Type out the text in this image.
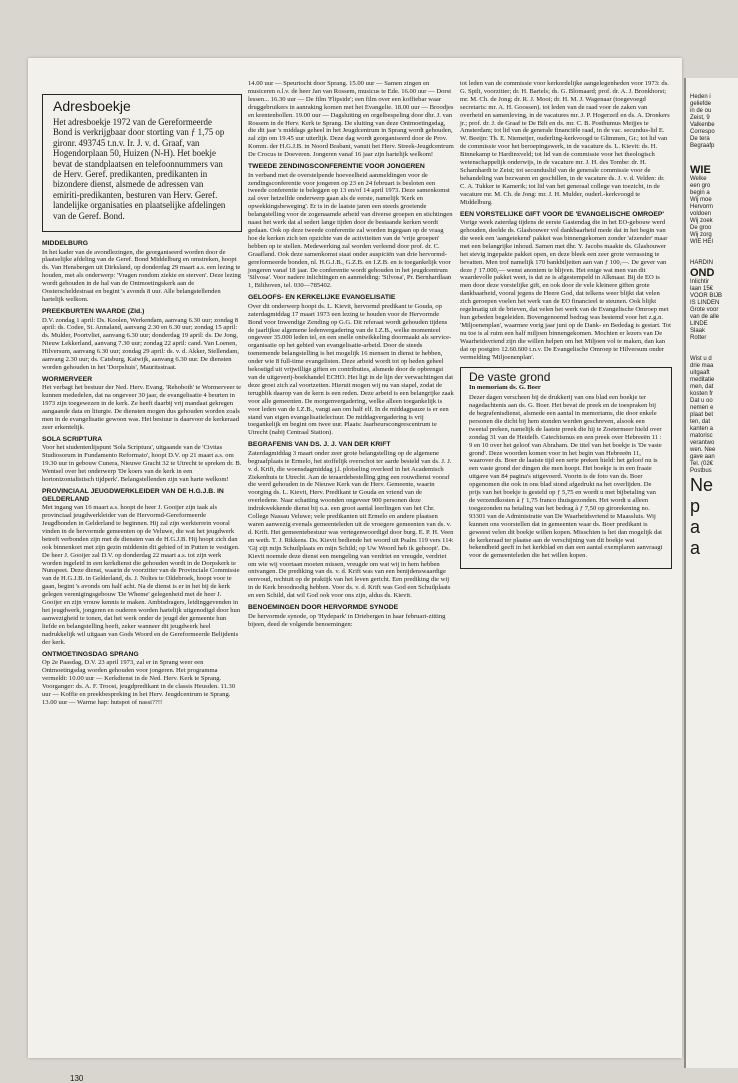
Adresboekje

Het adresboekje 1972 van de Gereformeerde Bond is verkrijgbaar door storting van ƒ 1,75 op gironr. 493745 t.n.v. Ir. J. v. d. Graaf, van Hogendorplaan 50, Huizen (N-H). Het boekje bevat de standplaatsen en telefoonnummers van de Herv. Geref. predikanten, predikanten in bizondere dienst, alsmede de adressen van emiriti-predikanten, besturen van Herv. Geref. landelijke organisaties en plaatselijke afdelingen van de Geref. Bond.

MIDDELBURG

In het kader van de avondlezingen, die georganiseerd worden door de plaatselijke afdeling van de Geref. Bond Middelburg en omstreken, hoopt ds. Van Hensbergen uit Dirksland, op donderdag 29 maart a.s. een lezing te houden, met als onderwerp: 'Vragen rondom ziekte en sterven'. Deze lezing wordt gehouden in de hal van de Ontmoetingskerk aan de Oosterscheldestraat en begint 's avonds 8 uur. Alle belangstellenden hartelijk welkom.

PREEKBURTEN WAARDE (Zld.)

D.V. zondag 1 april: Ds. Koolen, Werkendam, aanvang 6.30 uur; zondag 8 april: ds. Codee, St. Annaland, aanvang 2.30 en 6.30 uur; zondag 15 april: ds. Mulder, Poortvliet, aanvang 6.30 uur; donderdag 19 april: ds. De Jong, Nieuw Lekkerland, aanvang 7.30 uur; zondag 22 april: cand. Van Loenen, Hilversum, aanvang 6.30 uur; zondag 29 april: ds. v. d. Akker, Stellendam, aanvang 2.30 uur; ds. Catsburg, Katwijk, aanvang 6.30 uur. De diensten worden gehouden in het 'Dorpshuis', Mauritsstraat.

WORMERVEER

Het verbagt het bestuur der Ned. Herv. Evang. 'Rehoboth' te Wormerveer te kunnen mededelen, dat na ongeveer 30 jaar, de evangelisatie 4 beurten in 1973 zijn toegewezen in de kerk. Ze heeft daarbij vrij mandaat gekregen aangaande data en liturgie. De diensten mogen dus gehouden worden zoals men in de evangelisatie gewoon was. Het bestuur is daarvoor de kerkeraad zeer erkentelijk.

SOLA SCRIPTURA

Voor het studentenlijspunt 'Sola Scriptura', uitgaande van de 'Civitas Studiosorum in Fundamento Reformato', hoopt D.V. op 21 maart a.s. om 19.30 uur in gebouw Cunera, Nieuwe Gracht 32 te Utrecht te spreken dr. B. Wentsel over het onderwerp 'De koers van de kerk in een hortonizontalistisch tijdperk'. Belangstellenden zijn van harte welkom!

PROVINCIAAL JEUGDWERKLEIDER VAN DE H.G.J.B. IN GELDERLAND

Met ingang van 16 maart a.s. hoopt de heer J. Gooijer zijn taak als provinciaal jeugdwerkleider van de Hervormd-Gereformeerde Jeugdbonden in Gelderland te beginnen. Hij zal zijn werkterrein vooral vinden in de hervormde gemeenten op de Veluwe, die wat het jeugdwerk betreft verbonden zijn met de diensten van de H.G.J.B. Hij hoopt zich dan ook binnenkort met zijn gezin middenin dit gebied of in Putten te vestigen. De heer J. Gooijer zal D.V. op donderdag 22 maart a.s. tot zijn werk worden ingeleid in een kerkdienst die gehouden wordt in de Dorpskerk te Nunspeet. Deze dienst, waarin de voorzitter van de Provinciale Commissie van de H.G.J.B. in Gelderland, ds. J. Noltes te Oldebroek, hoopt voor te gaan, begint 's avonds om half acht. Na de dienst is er in het bij de kerk gelegen verenigingsgebouw 'De Wheme' gelegenheid met de heer J. Gooijer en zijn vrouw kennis te maken. Ambtsdragers, leidinggevenden in het jeugdwerk, jongeren en ouderen worden hartelijk uitgenodigd door hun aanwezigheid te tonen, dat het werk onder de jeugd der gemeente hun liefde en belangstelling heeft, zeker wanneer dit jeugdwerk heel nadrukkelijk wil uitgaan van Gods Woord en de Gereformeerde Belijdenis der kerk.

ONTMOETINGSDAG SPRANG

Op 2e Paasdag, D.V. 23 april 1973, zal er in Sprang weer een Ontmoetingsdag worden gehouden voor jongeren. Het programma vermeldt: 10.00 uur — Kerkdienst in de Ned. Herv. Kerk te Sprang. Voorganger: ds. A. F. Troost, jeugdpredikant in de classis Heusden. 11.30 uur — Koffie en preekbespreking in het Herv. Jeugdcentrum te Sprang. 13.00 uur — Warme hap: hutspot of nassi??!!

14.00 uur — Speurtocht door Sprang. 15.00 uur — Samen zingen en musiceren o.l.v. de heer Jan van Rossem, musicus te Ede. 16.00 uur — Dorst lessen... 16.30 uur — De film 'Flipside'; een film over een koffiebar waar druggebruikers in aanraking komen met het Evangelie. 18.00 uur — Broodjes en krentenbollen. 19.00 uur — Dagsluiting en orgelbespeling door dhr. J. van Rossem in de Herv. Kerk te Sprang. De sluiting van deze Ontmoetingsdag, die dit jaar 's middags geheel in het Jeugdcentrum in Sprang wordt gehouden, zal zijn om 19.45 uur uiterlijk. Deze dag wordt georganiseerd door de Prov. Komm. der H.G.J.B. in Noord Brabant, vanuit het Herv. Streek-Jeugdcentrum De Crocus te Doeveren. Jongeren vanaf 16 jaar zijn hartelijk welkom!

TWEEDE ZENDINGSCONFERENTIE VOOR JONGEREN

In verband met de overstelpende hoeveelheid aanmeldingen voor de zendingsconferentie voor jongeren op 23 en 24 februari is besloten een tweede conferentie te beleggen op 13 en/of 14 april 1973. Deze samenkomst zal over hetzelfde onderwerp gaan als de eerste, namelijk 'Kerk en opwekkingsbeweging'. Er is in de laatste jaren een steeds groeiende belangstelling voor de zogenaamde arbeid van diverse groepen en stichtingen naast het werk dat al sedert lange tijden door de bestaande kerken wordt gedaan. Ook op deze tweede conferentie zal worden ingegaan op de vraag hoe de kerken zich ten opzichte van de activiteiten van de 'vrije groepen' hebben op te stellen. Medewerking zal worden verleend door prof. dr. C. Graafland. Ook deze samenkomst staat onder auspiciën van drie hervormd-gereformeerde bonden, nl. H.G.J.B., G.Z.B. en I.Z.B. en is toegankelijk voor jongeren vanaf 18 jaar. De conferentie wordt gehouden in het jeugdcentrum 'Silvosa'. Voor nadere inlichtingen en aanmelding: 'Silvosa', Pr. Bernhardlaan 1, Bilthoven, tel. 030—785402.

GELOOFS- EN KERKELIJKE EVANGELISATIE

Over dit onderwerp hoopt ds. L. Kievit, hervormd predikant te Gouda, op zaterdagmiddag 17 maart 1973 een lezing te houden voor de Hervormde Bond voor Inwendige Zending op G.G. Dit referaat wordt gehouden tijdens de jaarlijkse algemene ledenvergadering van de I.Z.B., welke momenteel ongeveer 35.000 leden tel, en een snelle ontwikkeling doormaakt als service-organisatie op het gebied van evangelisatie-arbeid. Door de steeds toenemende belangstelling is het mogelijk 16 mensen in dienst te hebben, onder wie 8 full-time evangelisten. Deze arbeid wordt tot op heden geheel bekostigd uit vrijwillige giften en contributies, alsmede door de opbrengst van de uitgeverij-boekhandel ECHO. Het ligt in de lijn der verwachtingen dat deze groei zich zal voortzetten. Hieruit mogen wij nu van stapel, zodat de terugblik daarop van de kern is een reden. Deze arbeid is een belangrijke zaak voor alle gemeenten. De morgenvergadering, welke alleen toegankelijk is voor leden van de I.Z.B., vangt aan om half elf. In de middagpauze is er een stand van eigen evangelisatielectuur. De middagvergadering is vrij toegankelijk en begint om twee uur. Plaats: Jaarbeurscongrescentrum te Utrecht (nabij Centraal Station).

BEGRAFENIS VAN DS. J. J. VAN DER KRIFT

Zaterdagmiddag 3 maart onder zeer grote belangstelling op de algemene begraafplaats te Ermelo, het stoffelijk overschot ter aarde besteld van ds. J. J. v. d. Krift, die woensdagmiddag j.l. plotseling overleed in het Academisch Ziekenhuis te Utrecht. Aan de teraardebestelling ging een rouwdienst vooraf die werd gehouden in de Nieuwe Kerk van de Herv. Gemeente, waarin voorging ds. L. Kievit, Herv. Predikant te Gouda en vriend van de overledene. Naar schatting woonden ongeveer 900 personen deze indrukwekkende dienst bij o.a. een groot aantal leerlingen van het Chr. College Nassau Veluwe; vele predikanten uit Ermelo en andere plaatsen waren aanwezig evenals gemeenteleden uit de vroegere gemeenten van ds. v. d. Krift. Het gemeentebestuur was vertegenwoordigd door burg. E. P. H. Veen en weth. T. J. Rikkens. Ds. Kievit bediende het woord uit Psalm 119 vers 114: 'Gij zijt mijn Schuilplaats en mijn Schild; op Uw Woord heb ik gehoopt'. Ds. Kievit noemde deze dienst een mengeling van verdriet en vreugde, verdriet om wie wij voortaan moeten missen, vreugde om wat wij in hem hebben ontvangen. De prediking van ds. v. d. Krift was van een benijdenswaardige eenvoud, rechtuit op de praktijk van het leven gericht. Een prediking die wij in de Kerk broodnodig hebben. Voor ds. v. d. Krift was God een Schuilplaats en een Schild, dat wil God ook voor ons zijn, aldus ds. Kievit.

BENOEMINGEN DOOR HERVORMDE SYNODE

De hervormde synode, op 'Hydepark' in Driebergen in haar februari-zitting bijeen, deed de volgende benoemingen:

tot leden van de commissie voor kerkordelijke aangelegenheden voor 1973: ds. G. Spilt, voorzitter; dr. H. Bartels; ds. G. Blomaard; prof. dr. A. J. Bronkhorst; mr. M. Ch. de Jong; dr. R. J. Mooi; dr. H. M. J. Wagenaar (toegevoegd secretaris: mr. A. H. Goossen). tot leden van de raad voor de zaken van overheid en samenleving, in de vacatures mr. J. P. Hogerzeil en ds. A. Dronkers jr.; prof. dr. J. de Graaf te De Bilt en ds. mr. C. B. Posthumus Meijjes te Amsterdam; tot lid van de generale financiële raad, in de vac. secundus-lid E. W. Beeijn: Th. E. Niemeijer, ouderling-kerkvoogd te Glimmen, Gr.; tot lid van de commissie voor het beroepingswerk, in de vacature ds. L. Kievit: ds. H. Binnekamp te Hardinxveld; tot lid van de commissie voor het theologisch wetenschappelijk onderwijs, in de vacature mr. J. H. des Tombe: dr. H. Schamhardt te Zeist; tot secunduslid van de generale commissie voor de behandeling van bezwaren en geschillen, in de vacature ds. J. v. d. Velden: dr. C. A. Tukker te Kamerik; tot lid van het generaal college van toezicht, in de vacature mr. M. Ch. de Jong: mr. J. H. Mulder, ouderl.-kerkvoogd te Middelburg.

EEN VORSTELIJKE GIFT VOOR DE 'EVANGELISCHE OMROEP'

Vorige week zaterdag tijdens de eerste Gastendag die in het EO-gebouw werd gehouden, deelde ds. Glashouwer vol dankbaarheid mede dat in het begin van die week een 'aangetekend' pakket was binnengekomen zonder 'afzender' maar met een belangrijke inhoud. Samen met dhr. Y. Jacobs maakte ds. Glashouwer het stevig ingepakte pakket open, en deze bleek een zeer grote verrassing te bevatten. Men trof namelijk 170 bankbiljetten aan van ƒ 100,—. De gever van deze ƒ 17.000,— wenst anoniem te blijven. Het enige wat men van dit waardevolle pakket weet, is dat ze is afgestempeld in Alkmaar. Bij de EO is men door deze vorstelijke gift, en ook door de vele kleinere giften grote dankbaarheid, vooral jegens de Heere God, dat telkens weer blijkt dat velen zich geroepen voelen het werk van de EO financieel te steunen. Ook blijkt regelmatig uit de brieven, dat velen het werk van de Evangelische Omroep met hun gebeden begeleiden. Bovengenoemd bedrag was bestemd voor het z.g.n. 'Miljoenenplan', waarmee vorig jaar juni op de Dank- en Bededag is gestart. Tot nu toe is al ruim een half miljoen binnengekomen. Mochten er lezers van De Waarheidsvriend zijn die willen helpen om het Miljoen vol te maken, dan kan dat op postgiro 12.60.600 t.n.v. De Evangelische Omroep te Hilversum onder vermelding 'Miljoenenplan'.

De vaste grond

In memoriam ds. G. Boer

Dezer dagen verscheen bij de drukkerij van ons blad een boekje ter nagedachtenis aan ds. G. Boer. Het bevat de preek en de toespraken bij de begrafenisdienst, alsmede een aantal in memoriams, die door enkele personen die dicht bij hem stonden werden geschreven, alsook een tweetal preken, namelijk de laatste preek die hij te Zoetermeer hield over zondag 31 van de Heidelb. Catechismus en een preek over Hebreeën 11 : 9 en 10 over het geloof van Abraham. De titel van het boekje is 'De vaste grond'. Deze woorden komen voor in het begin van Hebreeën 11, waarover ds. Boer de laatste tijd een serie preken hield: het geloof nu is een vaste grond der dingen die men hoopt. Het boekje is in een fraaie uitgave van 84 pagina's uitgevoerd. Voorin is de foto van ds. Boer opgenomen die ook in ons blad stond afgedrukt na het overlijden. De prijs van het boekje is gesteld op ƒ 5,75 en wordt u met bijbetaling van de verzendkosten à ƒ 1,75 franco thuisgezonden. Het wordt u alleen toegezonden na betaling van het bedrag à ƒ 7,50 op girorekening no. 93301 van de Administratie van De Waarheidsvriend te Maassluis. Wij kunnen ons voorstellen dat in gemeenten waar ds. Boer predikant is geweest velen dit boekje willen kopen. Misschien is het dan mogelijk dat de kerkeraad ter plaatse aan de verschijning van dit boekje wat bekendheid geeft in het kerkblad en dan een aantal exemplaren aanvraagt voor de gemeenteleden die het willen kopen.

130
Heden i
geliefde
in de ou
Zeist, 9
Valkenbe
Correspo
De tera
Begraafp
WIE
Welke
een gro
begin a
Wij moe
Hervorm
voldoen
Wij zoek
De groo
Wij zorg
WIE HEI
HARDIN
OND
Inlichtir
laan 15€
VOOR BIJB
IS LINDEN
Grote voor
van de alle
LINDE
Slaak
Rotter
Wist u d
drie maa
uitgaaft
meditatie
men, dat
kosten fr
Dat u oo
nemen e
plaat bet
ten, dat
kanten a
matorisc
verantwo
wen. Nee
gave aan
Tel. (02€
Postbus
Ne
p
a
a
